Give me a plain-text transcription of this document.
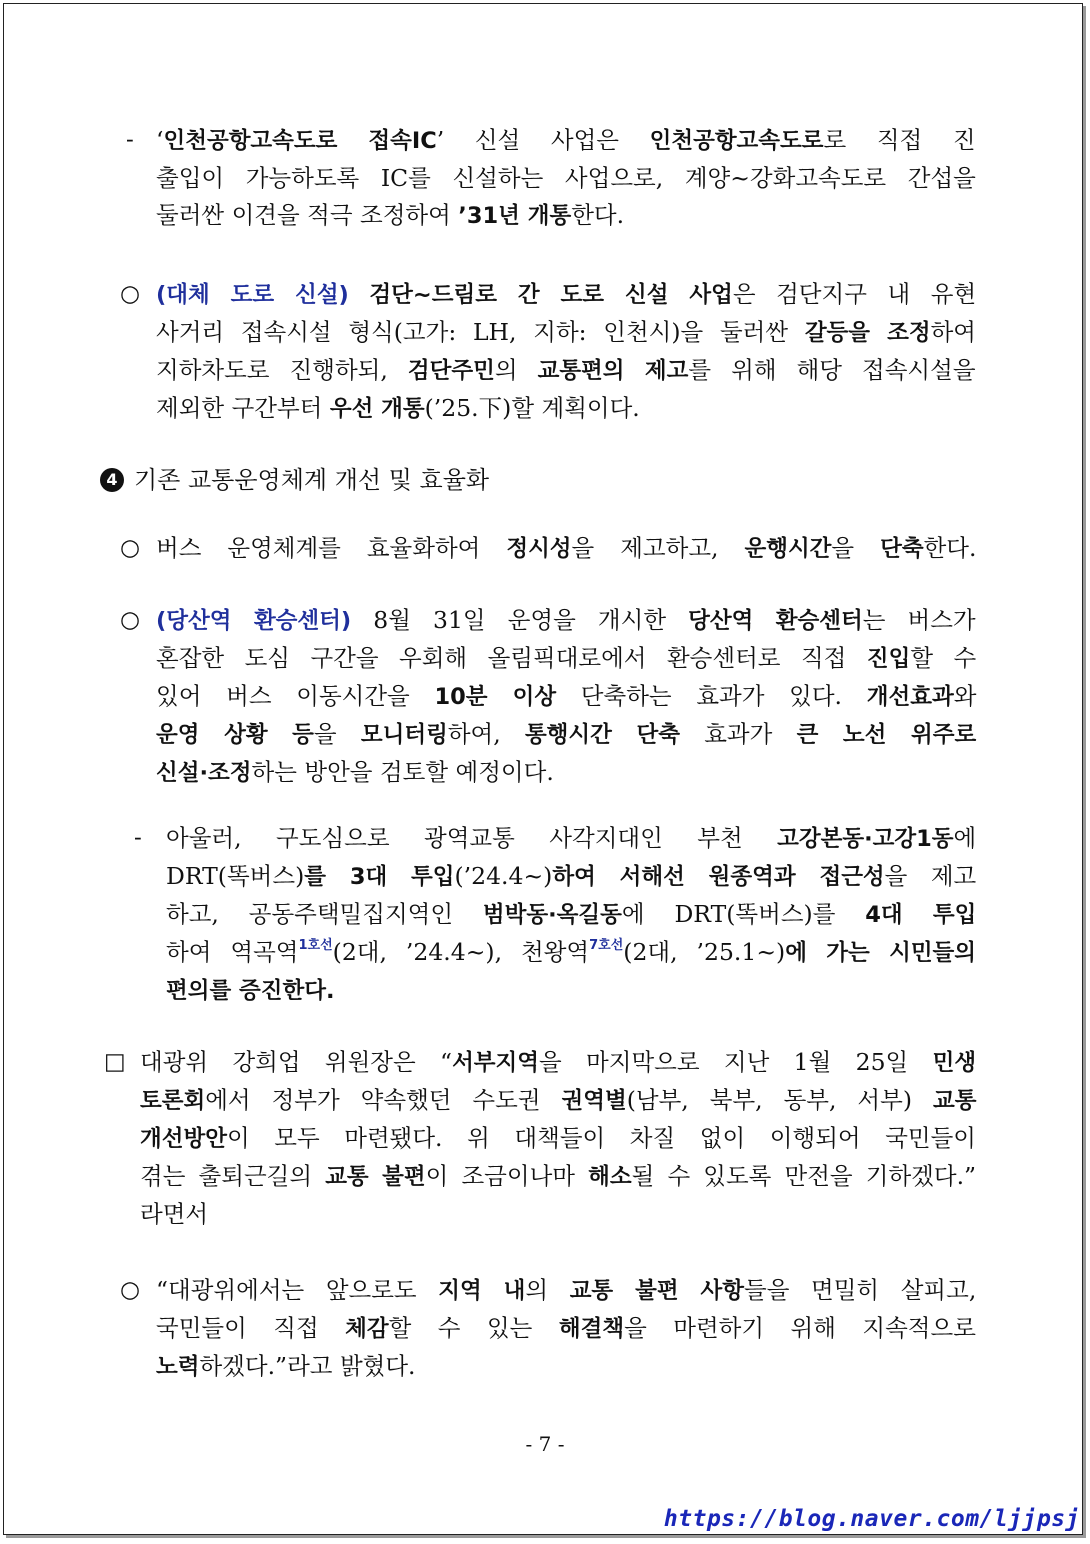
- ‘인천공항고속도로 접속IC’ 신설 사업은 인천공항고속도로로 직접 진
출입이 가능하도록 IC를 신설하는 사업으로, 계양~강화고속도로 간섭을
둘러싼 이견을 적극 조정하여 ’31년 개통한다.
○ (대체 도로 신설) 검단~드림로 간 도로 신설 사업은 검단지구 내 유현
사거리 접속시설 형식(고가: LH, 지하: 인천시)을 둘러싼 갈등을 조정하여
지하차도로 진행하되, 검단주민의 교통편의 제고를 위해 해당 접속시설을
제외한 구간부터 우선 개통(’25.下)할 계획이다.
4 기존 교통운영체계 개선 및 효율화
○ 버스 운영체계를 효율화하여 정시성을 제고하고, 운행시간을 단축한다.
○ (당산역 환승센터) 8월 31일 운영을 개시한 당산역 환승센터는 버스가
혼잡한 도심 구간을 우회해 올림픽대로에서 환승센터로 직접 진입할 수
있어 버스 이동시간을 10분 이상 단축하는 효과가 있다. 개선효과와
운영 상황 등을 모니터링하여, 통행시간 단축 효과가 큰 노선 위주로
신설·조정하는 방안을 검토할 예정이다.
- 아울러, 구도심으로 광역교통 사각지대인 부천 고강본동·고강1동에
DRT(똑버스)를 3대 투입(’24.4~)하여 서해선 원종역과 접근성을 제고
하고, 공동주택밀집지역인 범박동·옥길동에 DRT(똑버스)를 4대 투입
하여 역곡역$^{1호선}$(2대, ’24.4~), 천왕역$^{7호선}$(2대, ’25.1~)에 가는 시민들의
편의를 증진한다.
□ 대광위 강희업 위원장은 “서부지역을 마지막으로 지난 1월 25일 민생
토론회에서 정부가 약속했던 수도권 권역별(남부, 북부, 동부, 서부) 교통
개선방안이 모두 마련됐다. 위 대책들이 차질 없이 이행되어 국민들이
겪는 출퇴근길의 교통 불편이 조금이나마 해소될 수 있도록 만전을 기하겠다.”
라면서
○ “대광위에서는 앞으로도 지역 내의 교통 불편 사항들을 면밀히 살피고,
국민들이 직접 체감할 수 있는 해결책을 마련하기 위해 지속적으로
노력하겠다.”라고 밝혔다.
- 7 -
https://blog.naver.com/ljjpsj
